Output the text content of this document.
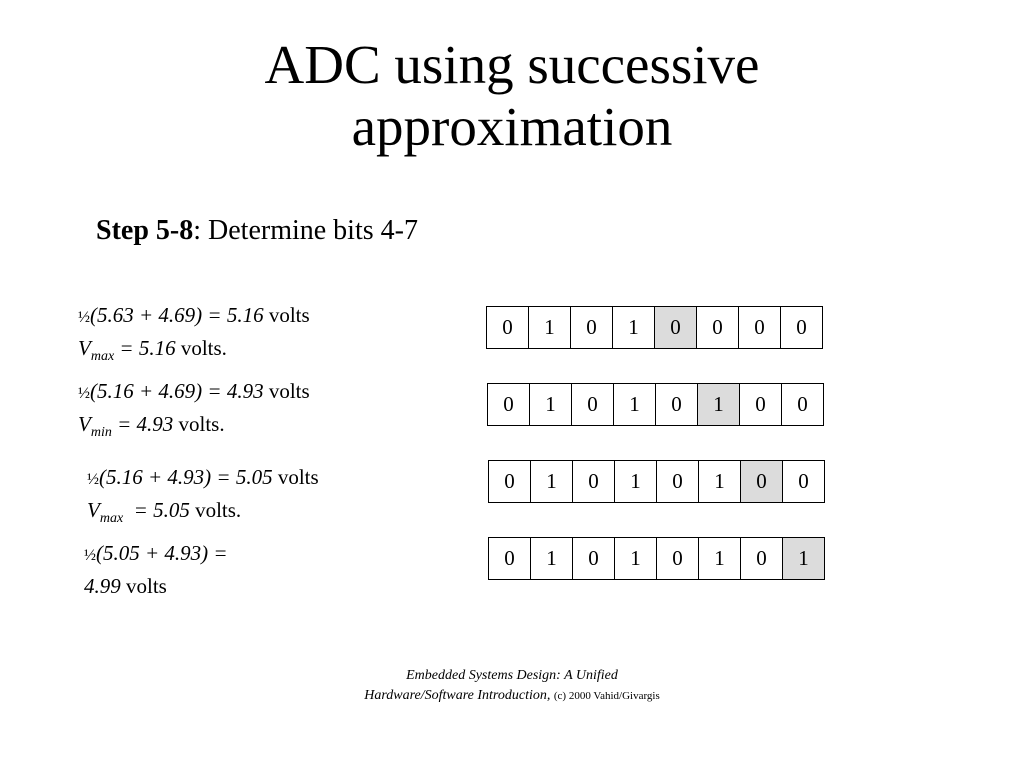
ADC using successive
approximation
Step 5-8: Determine bits 4-7
½(5.63 + 4.69) = 5.16 volts
$V_{max} = 5.16$ volts.
0	1	0	1	0	0	0	0
½(5.16 + 4.69) = 4.93 volts
$V_{min} = 4.93$ volts.
0	1	0	1	0	1	0	0
½(5.16 + 4.93) = 5.05 volts
$V_{max} = 5.05$ volts.
0	1	0	1	0	1	0	0
½(5.05 + 4.93) =
4.99 volts
0	1	0	1	0	1	0	1
Embedded Systems Design: A Unified
Hardware/Software Introduction, (c) 2000 Vahid/Givargis
